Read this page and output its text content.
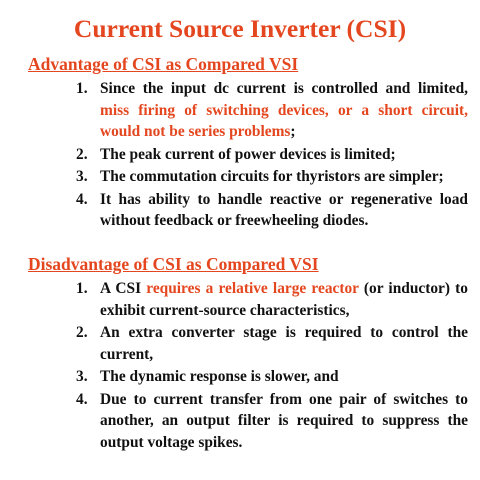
Current Source Inverter (CSI)
Advantage of CSI as Compared VSI
1. Since the input dc current is controlled and limited, miss firing of switching devices, or a short circuit, would not be series problems;
2. The peak current of power devices is limited;
3. The commutation circuits for thyristors are simpler;
4. It has ability to handle reactive or regenerative load without feedback or freewheeling diodes.
Disadvantage of CSI as Compared VSI
1. A CSI requires a relative large reactor (or inductor) to exhibit current-source characteristics,
2. An extra converter stage is required to control the current,
3. The dynamic response is slower, and
4. Due to current transfer from one pair of switches to another, an output filter is required to suppress the output voltage spikes.
